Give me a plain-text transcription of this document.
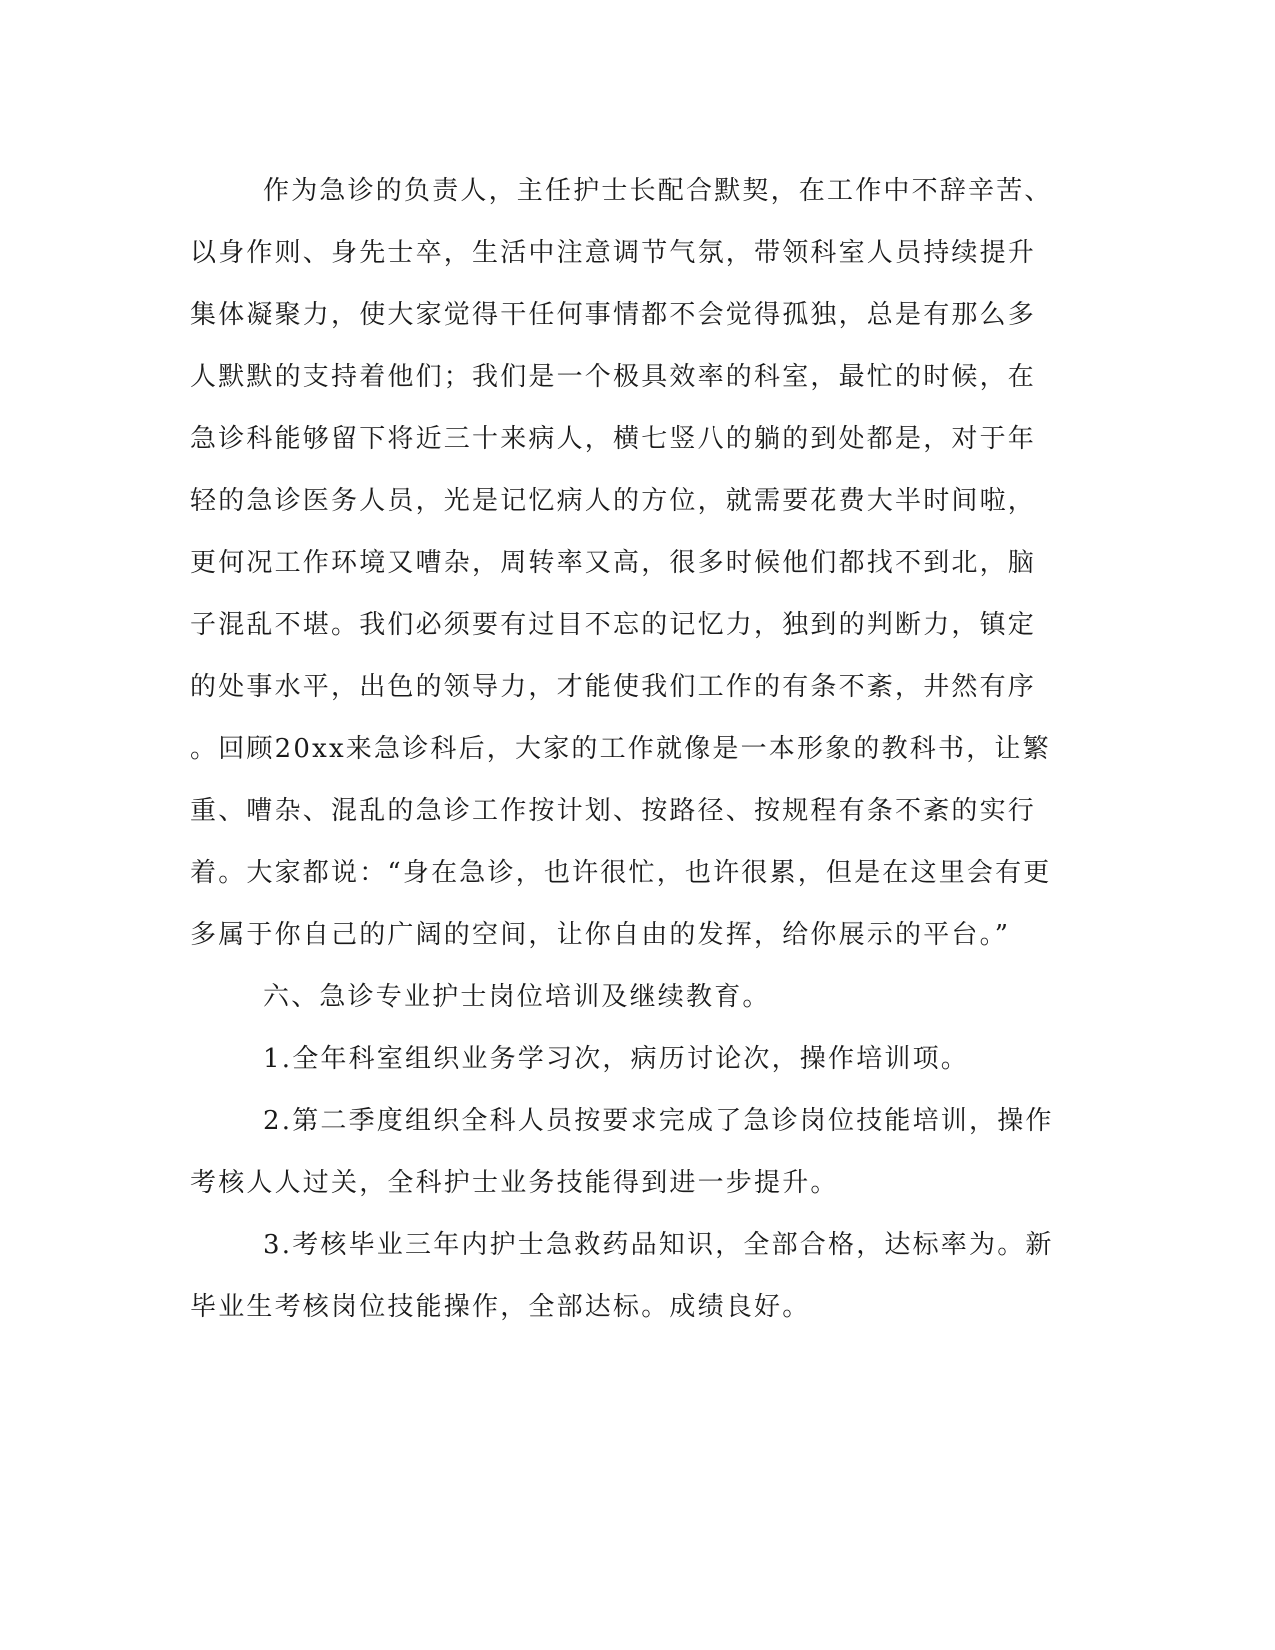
作为急诊的负责人，主任护士长配合默契，在工作中不辞辛苦、
以身作则、身先士卒，生活中注意调节气氛，带领科室人员持续提升
集体凝聚力，使大家觉得干任何事情都不会觉得孤独，总是有那么多
人默默的支持着他们；我们是一个极具效率的科室，最忙的时候，在
急诊科能够留下将近三十来病人，横七竖八的躺的到处都是，对于年
轻的急诊医务人员，光是记忆病人的方位，就需要花费大半时间啦，
更何况工作环境又嘈杂，周转率又高，很多时候他们都找不到北，脑
子混乱不堪。我们必须要有过目不忘的记忆力，独到的判断力，镇定
的处事水平，出色的领导力，才能使我们工作的有条不紊，井然有序
。回顾20xx来急诊科后，大家的工作就像是一本形象的教科书，让繁
重、嘈杂、混乱的急诊工作按计划、按路径、按规程有条不紊的实行
着。大家都说：“身在急诊，也许很忙，也许很累，但是在这里会有更
多属于你自己的广阔的空间，让你自由的发挥，给你展示的平台。”
六、急诊专业护士岗位培训及继续教育。
1.全年科室组织业务学习次，病历讨论次，操作培训项。
2.第二季度组织全科人员按要求完成了急诊岗位技能培训，操作
考核人人过关，全科护士业务技能得到进一步提升。
3.考核毕业三年内护士急救药品知识，全部合格，达标率为。新
毕业生考核岗位技能操作，全部达标。成绩良好。
